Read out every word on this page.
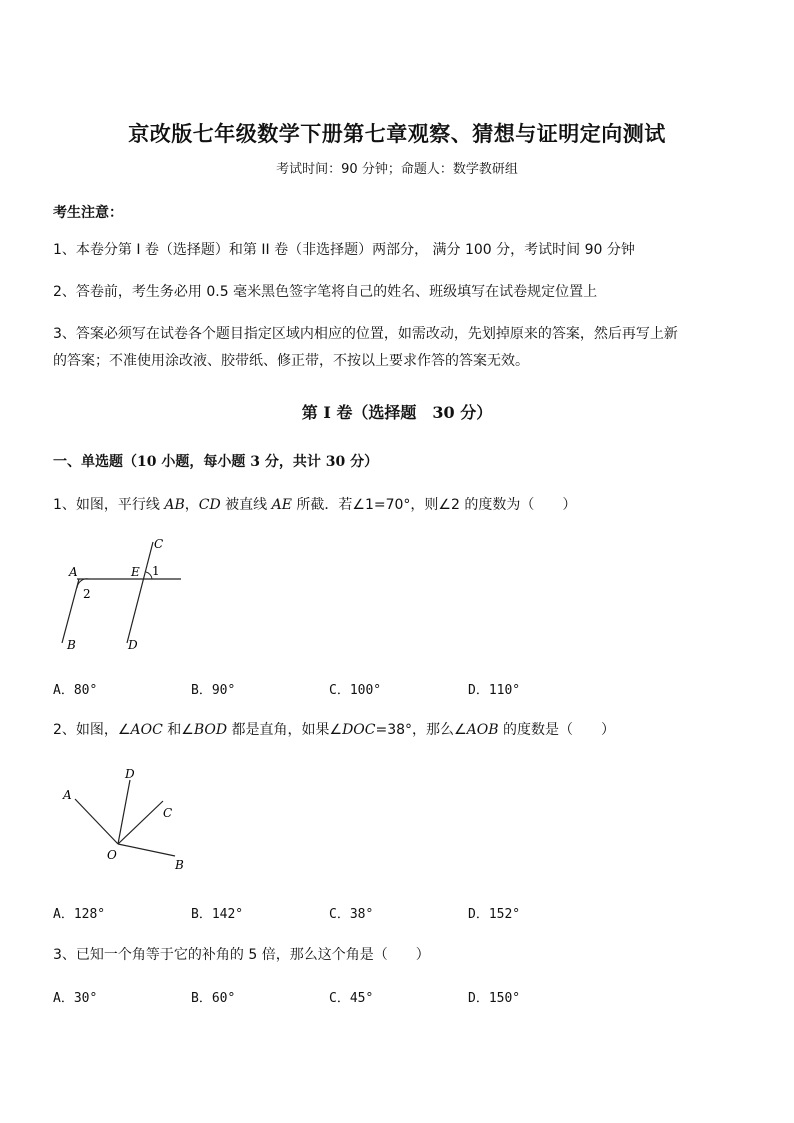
京改版七年级数学下册第七章观察、猜想与证明定向测试
考试时间：90 分钟；命题人：数学教研组
考生注意：
1、本卷分第 I 卷（选择题）和第 II 卷（非选择题）两部分， 满分 100 分，考试时间 90 分钟
2、答卷前，考生务必用 0.5 毫米黑色签字笔将自己的姓名、班级填写在试卷规定位置上
3、答案必须写在试卷各个题目指定区域内相应的位置，如需改动，先划掉原来的答案，然后再写上新
的答案；不准使用涂改液、胶带纸、修正带，不按以上要求作答的答案无效。
第 I 卷（选择题　30 分）
一、单选题（10 小题，每小题 3 分，共计 30 分）
1、如图，平行线 AB，CD 被直线 AE 所截．若∠1=70°，则∠2 的度数为（　　）
A	E
C
B	D
1
2
A．80°	B．90°	C．100°	D．110°
2、如图，∠AOC 和∠BOD 都是直角，如果∠DOC=38°，那么∠AOB 的度数是（　　）
A
D
C
O
B
A．128°	B．142°	C．38°	D．152°
3、已知一个角等于它的补角的 5 倍，那么这个角是（　　）
A．30°	B．60°	C．45°	D．150°
